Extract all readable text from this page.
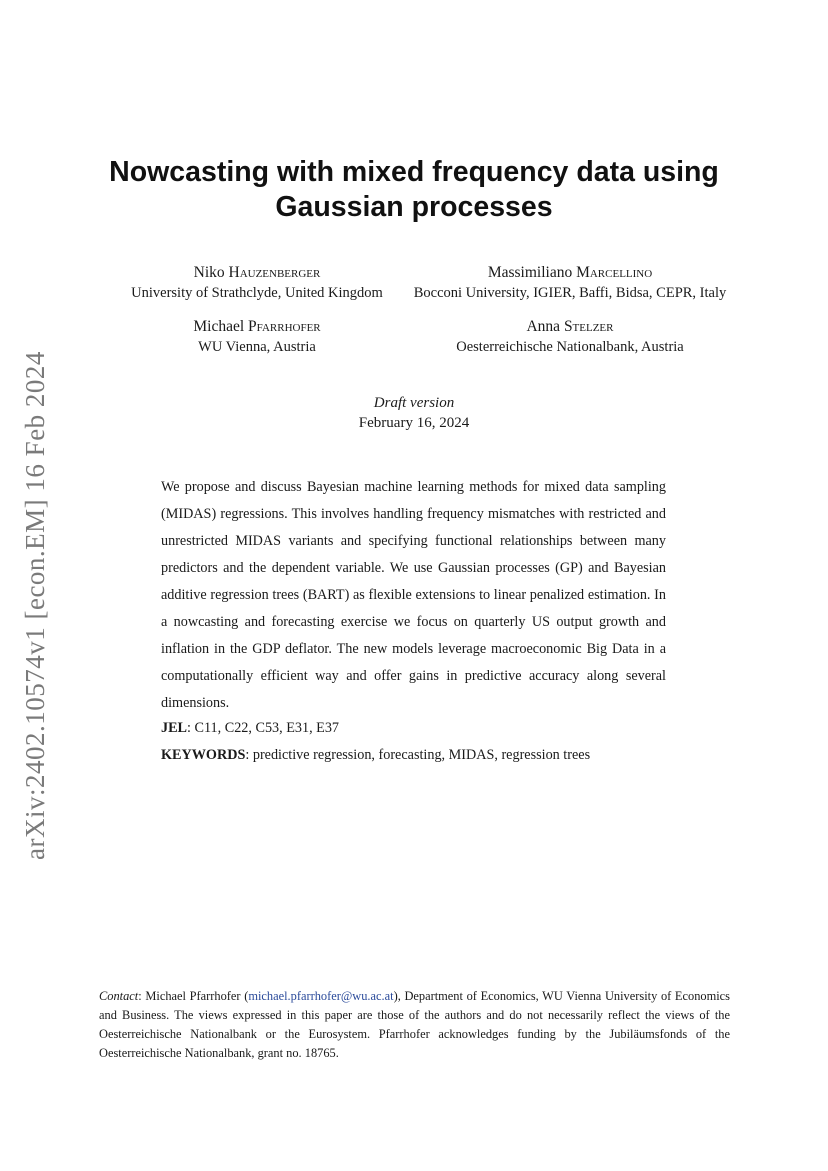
arXiv:2402.10574v1 [econ.EM] 16 Feb 2024
Nowcasting with mixed frequency data using
Gaussian processes
Niko Hauzenberger
University of Strathclyde, United Kingdom
Massimiliano Marcellino
Bocconi University, IGIER, Baffi, Bidsa, CEPR, Italy
Michael Pfarrhofer
WU Vienna, Austria
Anna Stelzer
Oesterreichische Nationalbank, Austria
Draft version
February 16, 2024
We propose and discuss Bayesian machine learning methods for mixed data sampling (MIDAS) regressions. This involves handling frequency mismatches with restricted and unrestricted MIDAS variants and specifying functional relationships between many predictors and the dependent variable. We use Gaussian processes (GP) and Bayesian additive regression trees (BART) as flexible extensions to linear penalized estimation. In a nowcasting and forecasting exercise we focus on quarterly US output growth and inflation in the GDP deflator. The new models leverage macroeconomic Big Data in a computationally efficient way and offer gains in predictive accuracy along several dimensions.
JEL: C11, C22, C53, E31, E37
KEYWORDS: predictive regression, forecasting, MIDAS, regression trees
Contact: Michael Pfarrhofer (michael.pfarrhofer@wu.ac.at), Department of Economics, WU Vienna University of Economics and Business. The views expressed in this paper are those of the authors and do not necessarily reflect the views of the Oesterreichische Nationalbank or the Eurosystem. Pfarrhofer acknowledges funding by the Jubiläumsfonds of the Oesterreichische Nationalbank, grant no. 18765.
